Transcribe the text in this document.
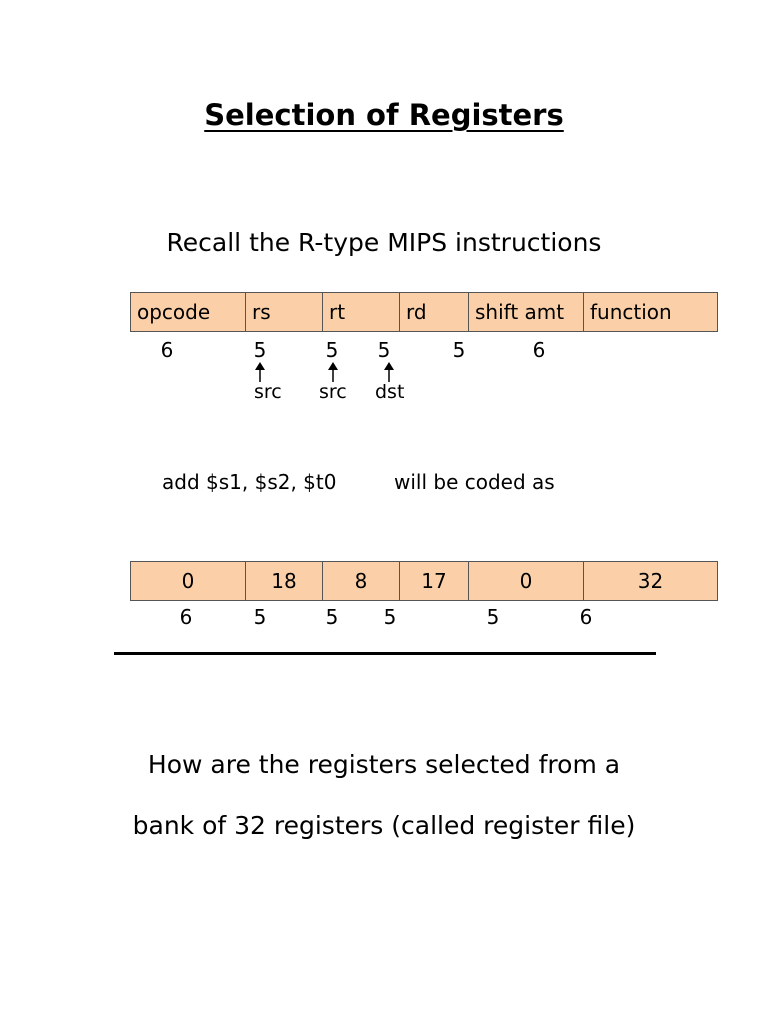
Selection of Registers
Recall the R-type MIPS instructions
opcode	rs	rt	rd	shift amt	function
6	5	5	5	5	6
src src dst
add $s1, $s2, $t0	will be coded as
0	18	8	17	0	32
6	5	5	5	5	6
How are the registers selected from a
bank of 32 registers (called register file)
